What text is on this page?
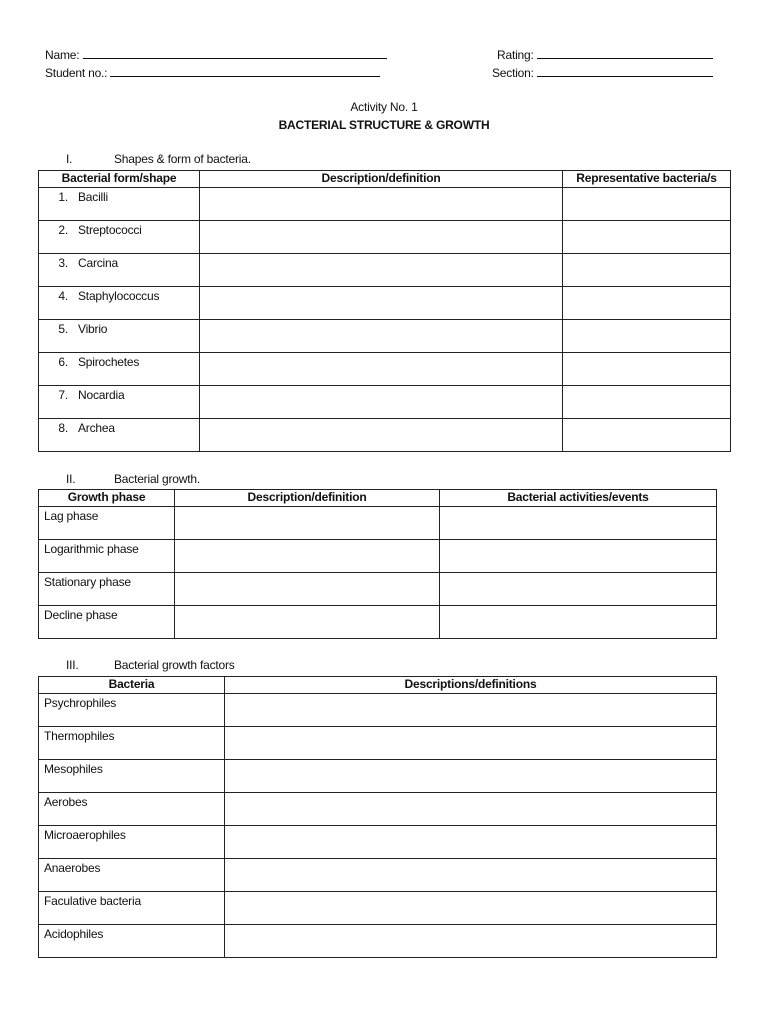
Name:
Student no.:
Rating:
Section:
Activity No. 1
BACTERIAL STRUCTURE & GROWTH
I.	Shapes & form of bacteria.
Bacterial form/shape	Description/definition	Representative bacteria/s

1. Bacilli		

2. Streptococci		

3. Carcina		

4. Staphylococcus		

5. Vibrio		

6. Spirochetes		

7. Nocardia		

8. Archea		

II.	Bacterial growth.
Growth phase	Description/definition	Bacterial activities/events

Lag phase		

Logarithmic phase		

Stationary phase		

Decline phase		

III.	Bacterial growth factors
Bacteria	Descriptions/definitions

Psychrophiles	

Thermophiles	

Mesophiles	

Aerobes	

Microaerophiles	

Anaerobes	

Faculative bacteria	

Acidophiles	
